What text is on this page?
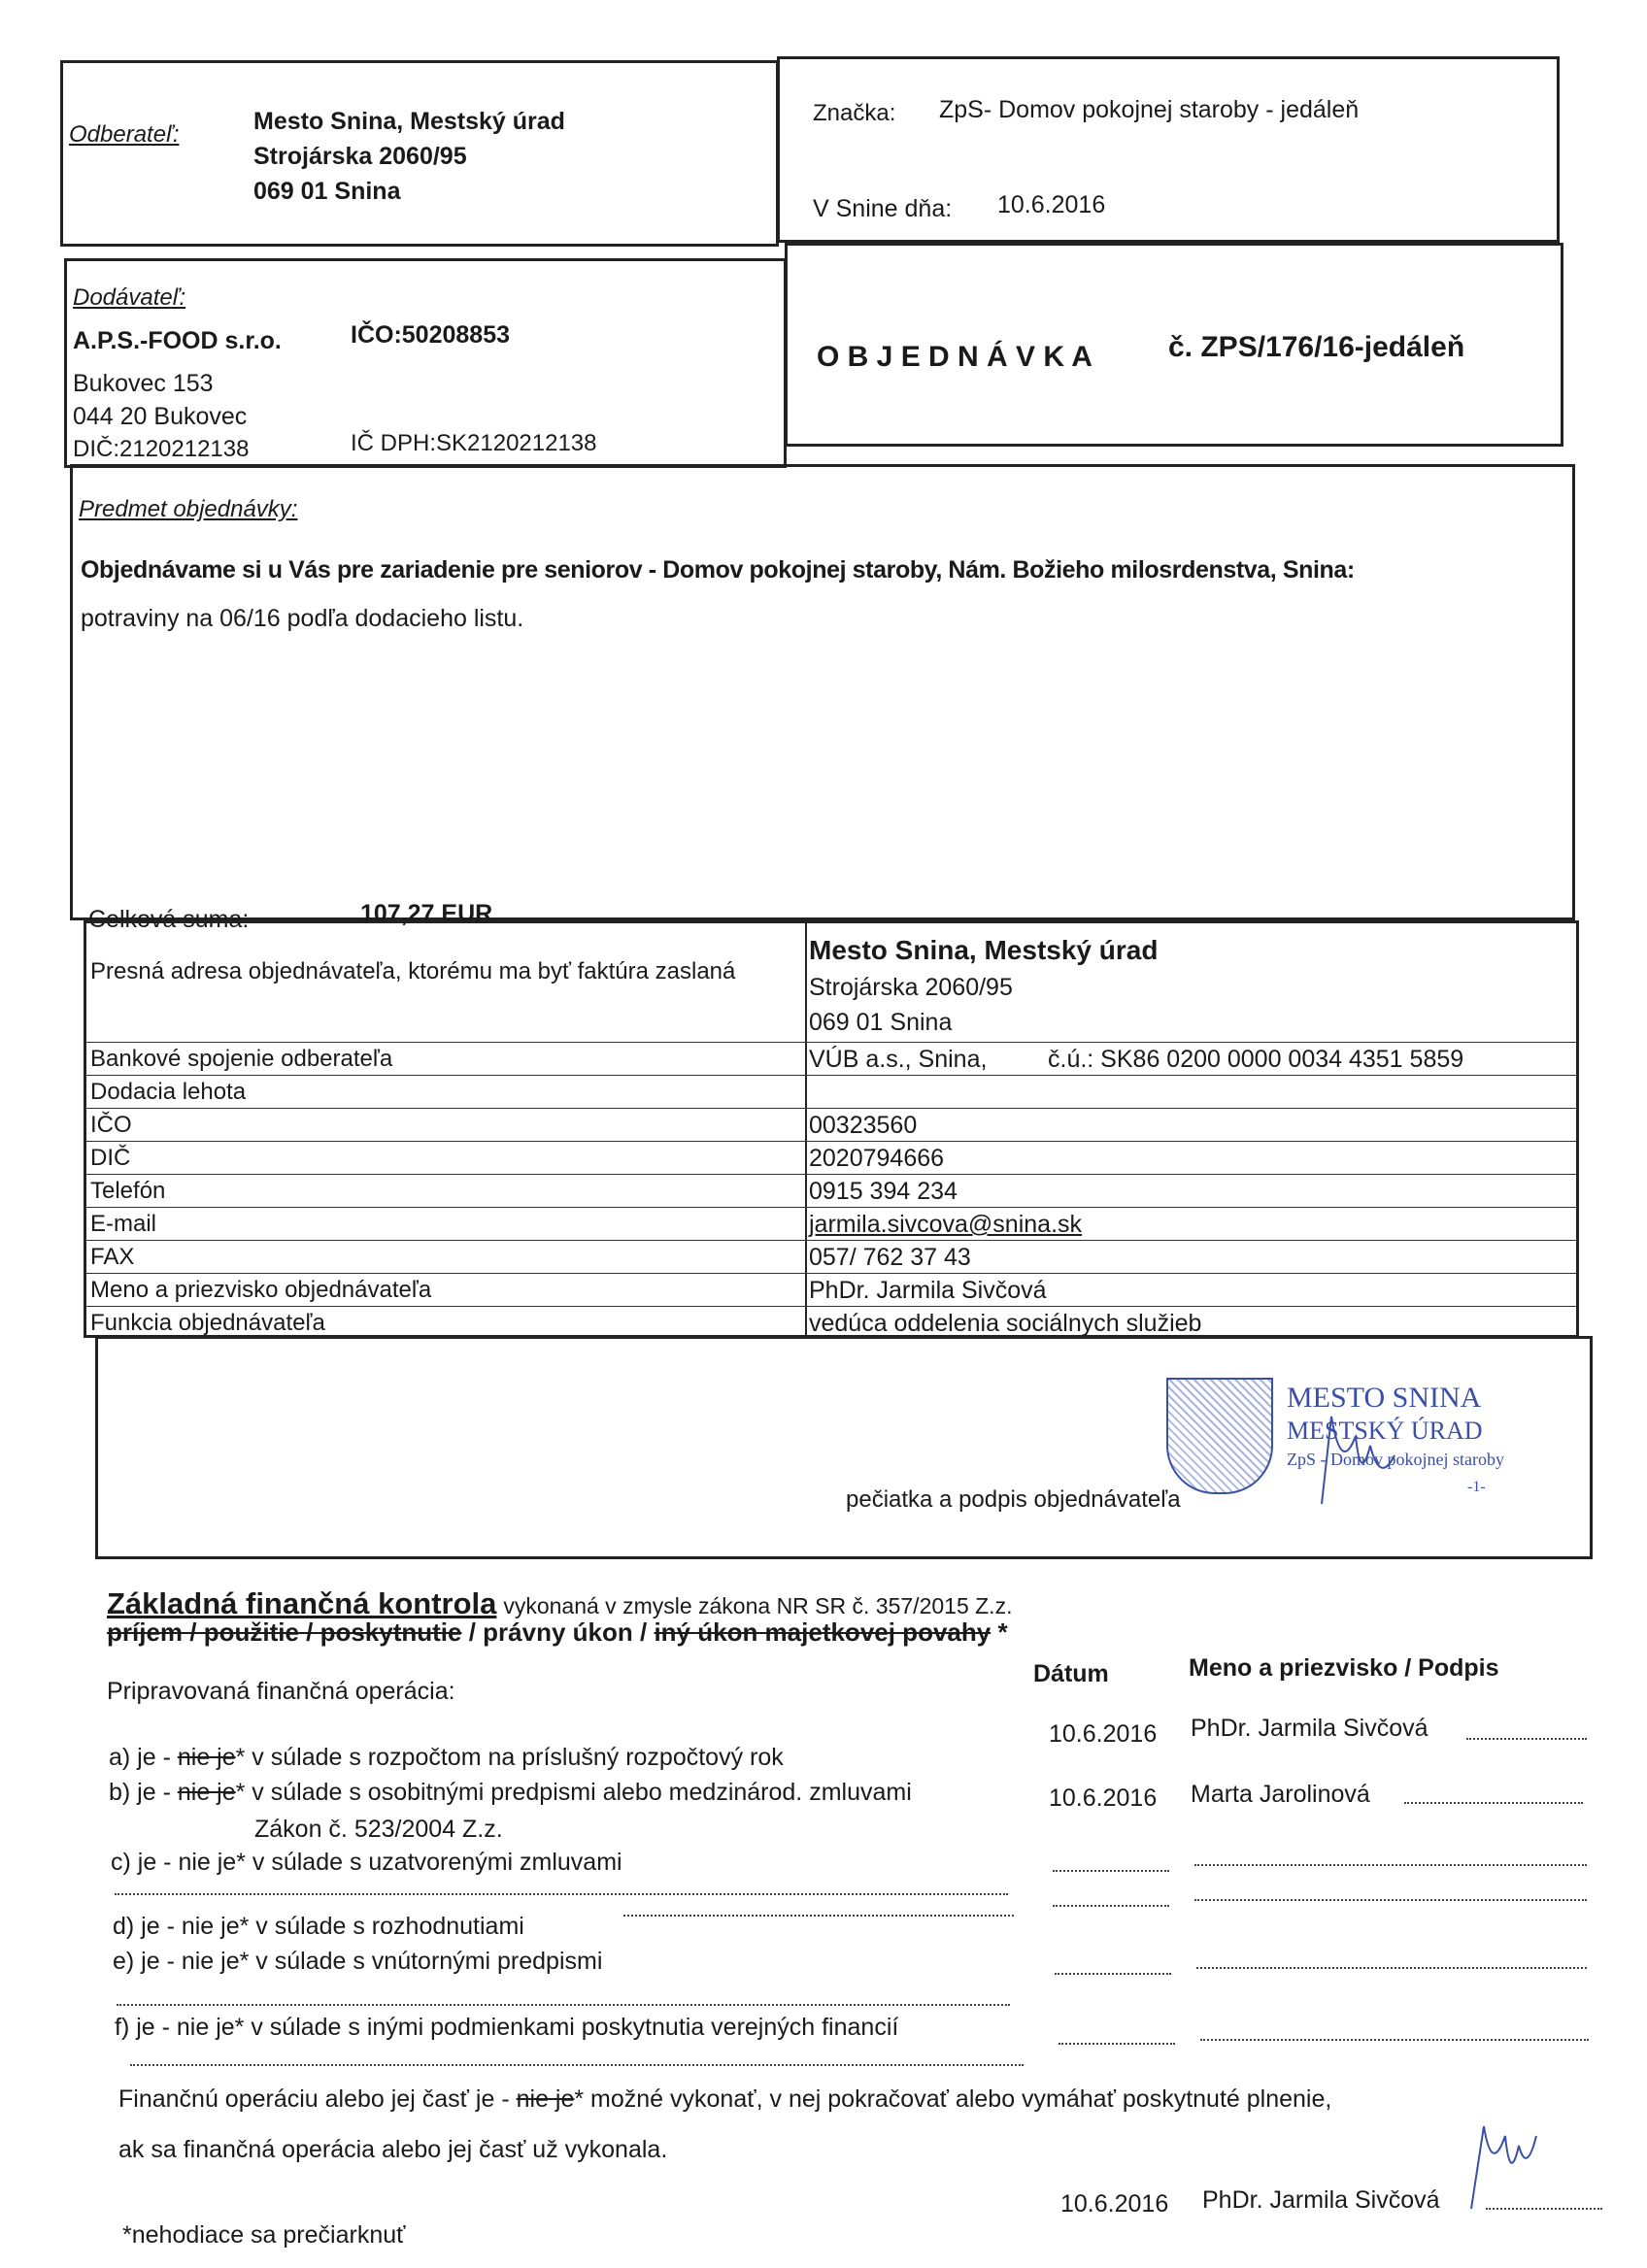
Odberateľ:	Mesto Snina, Mestský úrad
Strojárska 2060/95
069 01 Snina
Značka: ZpS- Domov pokojnej staroby - jedáleň
V Snine dňa: 10.6.2016
Dodávateľ:
A.P.S.-FOOD s.r.o.	IČO:50208853
Bukovec 153
044 20 Bukovec
DIČ:2120212138	IČ DPH:SK2120212138
O B J E D N Á V K A	č. ZPS/176/16-jedáleň
Predmet objednávky:
Objednávame si u Vás pre zariadenie pre seniorov - Domov pokojnej staroby, Nám. Božieho milosrdenstva, Snina:
potraviny na 06/16 podľa dodacieho listu.
Celková suma:	107,27 EUR
Presná adresa objednávateľa, ktorému ma byť faktúra zaslaná
Mesto Snina, Mestský úrad
Strojárska 2060/95
069 01 Snina
Bankové spojenie odberateľa	VÚB a.s., Snina,	č.ú.: SK86 0200 0000 0034 4351 5859
Dodacia lehota
IČO	00323560
DIČ	2020794666
Telefón	0915 394 234
E-mail	jarmila.sivcova@snina.sk
FAX	057/ 762 37 43
Meno a priezvisko objednávateľa	PhDr. Jarmila Sivčová
Funkcia objednávateľa	vedúca oddelenia sociálnych služieb
pečiatka a podpis objednávateľa
MESTO SNINA
MESTSKÝ ÚRAD
ZpS - Domov pokojnej staroby
-1-
Základná finančná kontrola vykonaná v zmysle zákona NR SR č. 357/2015 Z.z.
príjem / použitie / poskytnutie / právny úkon / iný úkon majetkovej povahy *
Dátum	Meno a priezvisko / Podpis
Pripravovaná finančná operácia:
a) je - nie je* v súlade s rozpočtom na príslušný rozpočtový rok
10.6.2016 PhDr. Jarmila Sivčová
b) je - nie je* v súlade s osobitnými predpismi alebo medzinárod. zmluvami	10.6.2016 Marta Jarolinová
Zákon č. 523/2004 Z.z.
c) je - nie je* v súlade s uzatvorenými zmluvami
d) je - nie je* v súlade s rozhodnutiami
e) je - nie je* v súlade s vnútornými predpismi
f) je - nie je* v súlade s inými podmienkami poskytnutia verejných financií
Finančnú operáciu alebo jej časť je - nie je* možné vykonať, v nej pokračovať alebo vymáhať poskytnuté plnenie,
ak sa finančná operácia alebo jej časť už vykonala.
10.6.2016 PhDr. Jarmila Sivčová
*nehodiace sa prečiarknuť
